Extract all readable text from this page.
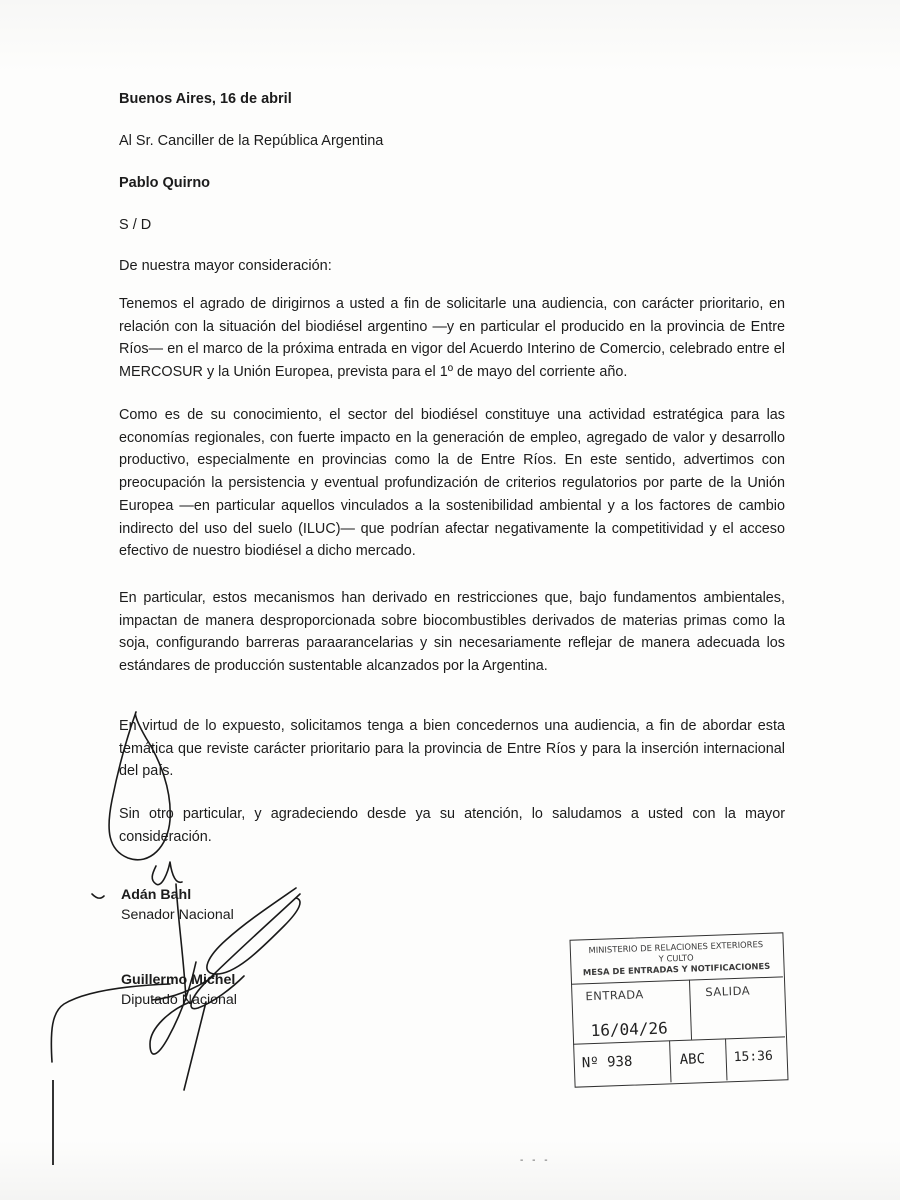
Buenos Aires, 16 de abril
Al Sr. Canciller de la República Argentina
Pablo Quirno
S / D
De nuestra mayor consideración:
Tenemos el agrado de dirigirnos a usted a fin de solicitarle una audiencia, con carácter prioritario, en relación con la situación del biodiésel argentino —y en particular el producido en la provincia de Entre Ríos— en el marco de la próxima entrada en vigor del Acuerdo Interino de Comercio, celebrado entre el MERCOSUR y la Unión Europea, prevista para el 1º de mayo del corriente año.
Como es de su conocimiento, el sector del biodiésel constituye una actividad estratégica para las economías regionales, con fuerte impacto en la generación de empleo, agregado de valor y desarrollo productivo, especialmente en provincias como la de Entre Ríos. En este sentido, advertimos con preocupación la persistencia y eventual profundización de criterios regulatorios por parte de la Unión Europea —en particular aquellos vinculados a la sostenibilidad ambiental y a los factores de cambio indirecto del uso del suelo (ILUC)— que podrían afectar negativamente la competitividad y el acceso efectivo de nuestro biodiésel a dicho mercado.
En particular, estos mecanismos han derivado en restricciones que, bajo fundamentos ambientales, impactan de manera desproporcionada sobre biocombustibles derivados de materias primas como la soja, configurando barreras paraarancelarias y sin necesariamente reflejar de manera adecuada los estándares de producción sustentable alcanzados por la Argentina.
En virtud de lo expuesto, solicitamos tenga a bien concedernos una audiencia, a fin de abordar esta temática que reviste carácter prioritario para la provincia de Entre Ríos y para la inserción internacional del país.
Sin otro particular, y agradeciendo desde ya su atención, lo saludamos a usted con la mayor consideración.
Adán Bahl
Senador Nacional
Guillermo Michel
Diputado Nacional
MINISTERIO DE RELACIONES EXTERIORES
Y CULTO
MESA DE ENTRADAS Y NOTIFICACIONES
ENTRADA	SALIDA
16/04/26
Nº 938	ABC 15:36
- - -
